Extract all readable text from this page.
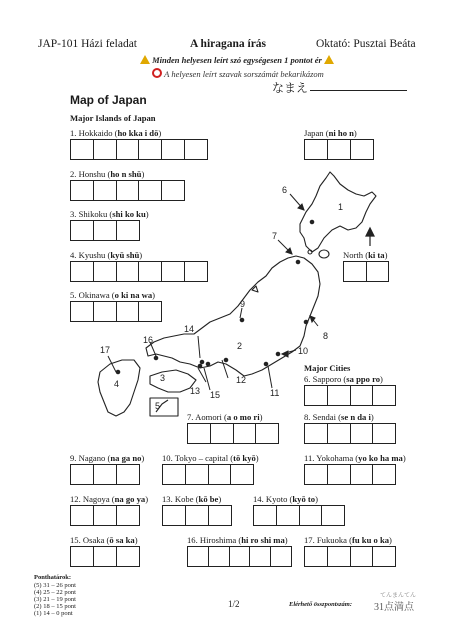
JAP-101 Házi feladat	A hiragana írás	Oktató: Pusztai Beáta
Minden helyesen leírt szó egységesen 1 pontot ér
A helyesen leírt szavak sorszámát bekarikázom
なまえ
Map of Japan
Major Islands of Japan
Major Cities
1. Hokkaido (ho kka i dō)	Japan (ni ho n)
2. Honshu (ho n shū)
3. Shikoku (shi ko ku)
4. Kyushu (kyū shū)	North (ki ta)
5. Okinawa (o ki na wa)
6. Sapporo (sa ppo ro)
7. Aomori (a o mo ri)	8. Sendai (se n da i)
9. Nagano (na ga no) 10. Tokyo – capital (tō kyō)	11. Yokohama (yo ko ha ma)
12. Nagoya (na go ya) 13. Kobe (kō be)	14. Kyoto (kyō to)
15. Osaka (ō sa ka)	16. Hiroshima (hi ro shi ma) 17. Fukuoka (fu ku o ka)
1
2
3
4
5
6
7
8
9
10
11
12
13
14
15
16
17
Ponthatárok:
(5) 31 – 26 pont
(4) 25 – 22 pont
(3) 21 – 19 pont
(2) 18 – 15 pont
(1) 14 – 0 pont
1/2	Elérhető összpontszám:
てんまんてん
31点満点
